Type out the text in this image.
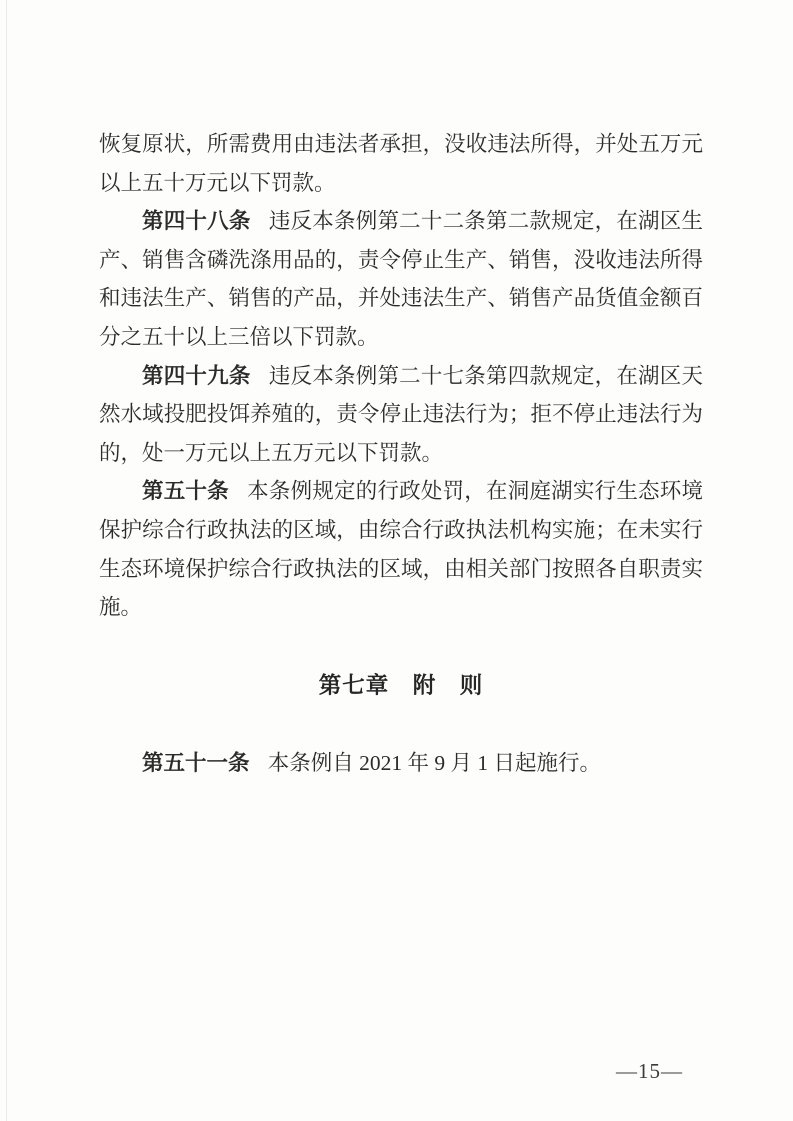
恢复原状，所需费用由违法者承担，没收违法所得，并处五万元以上五十万元以下罚款。

第四十八条 违反本条例第二十二条第二款规定，在湖区生产、销售含磷洗涤用品的，责令停止生产、销售，没收违法所得和违法生产、销售的产品，并处违法生产、销售产品货值金额百分之五十以上三倍以下罚款。

第四十九条 违反本条例第二十七条第四款规定，在湖区天然水域投肥投饵养殖的，责令停止违法行为；拒不停止违法行为的，处一万元以上五万元以下罚款。

第五十条 本条例规定的行政处罚，在洞庭湖实行生态环境保护综合行政执法的区域，由综合行政执法机构实施；在未实行生态环境保护综合行政执法的区域，由相关部门按照各自职责实施。

第七章　附　则

第五十一条 本条例自 2021 年 9 月 1 日起施行。

—15—
